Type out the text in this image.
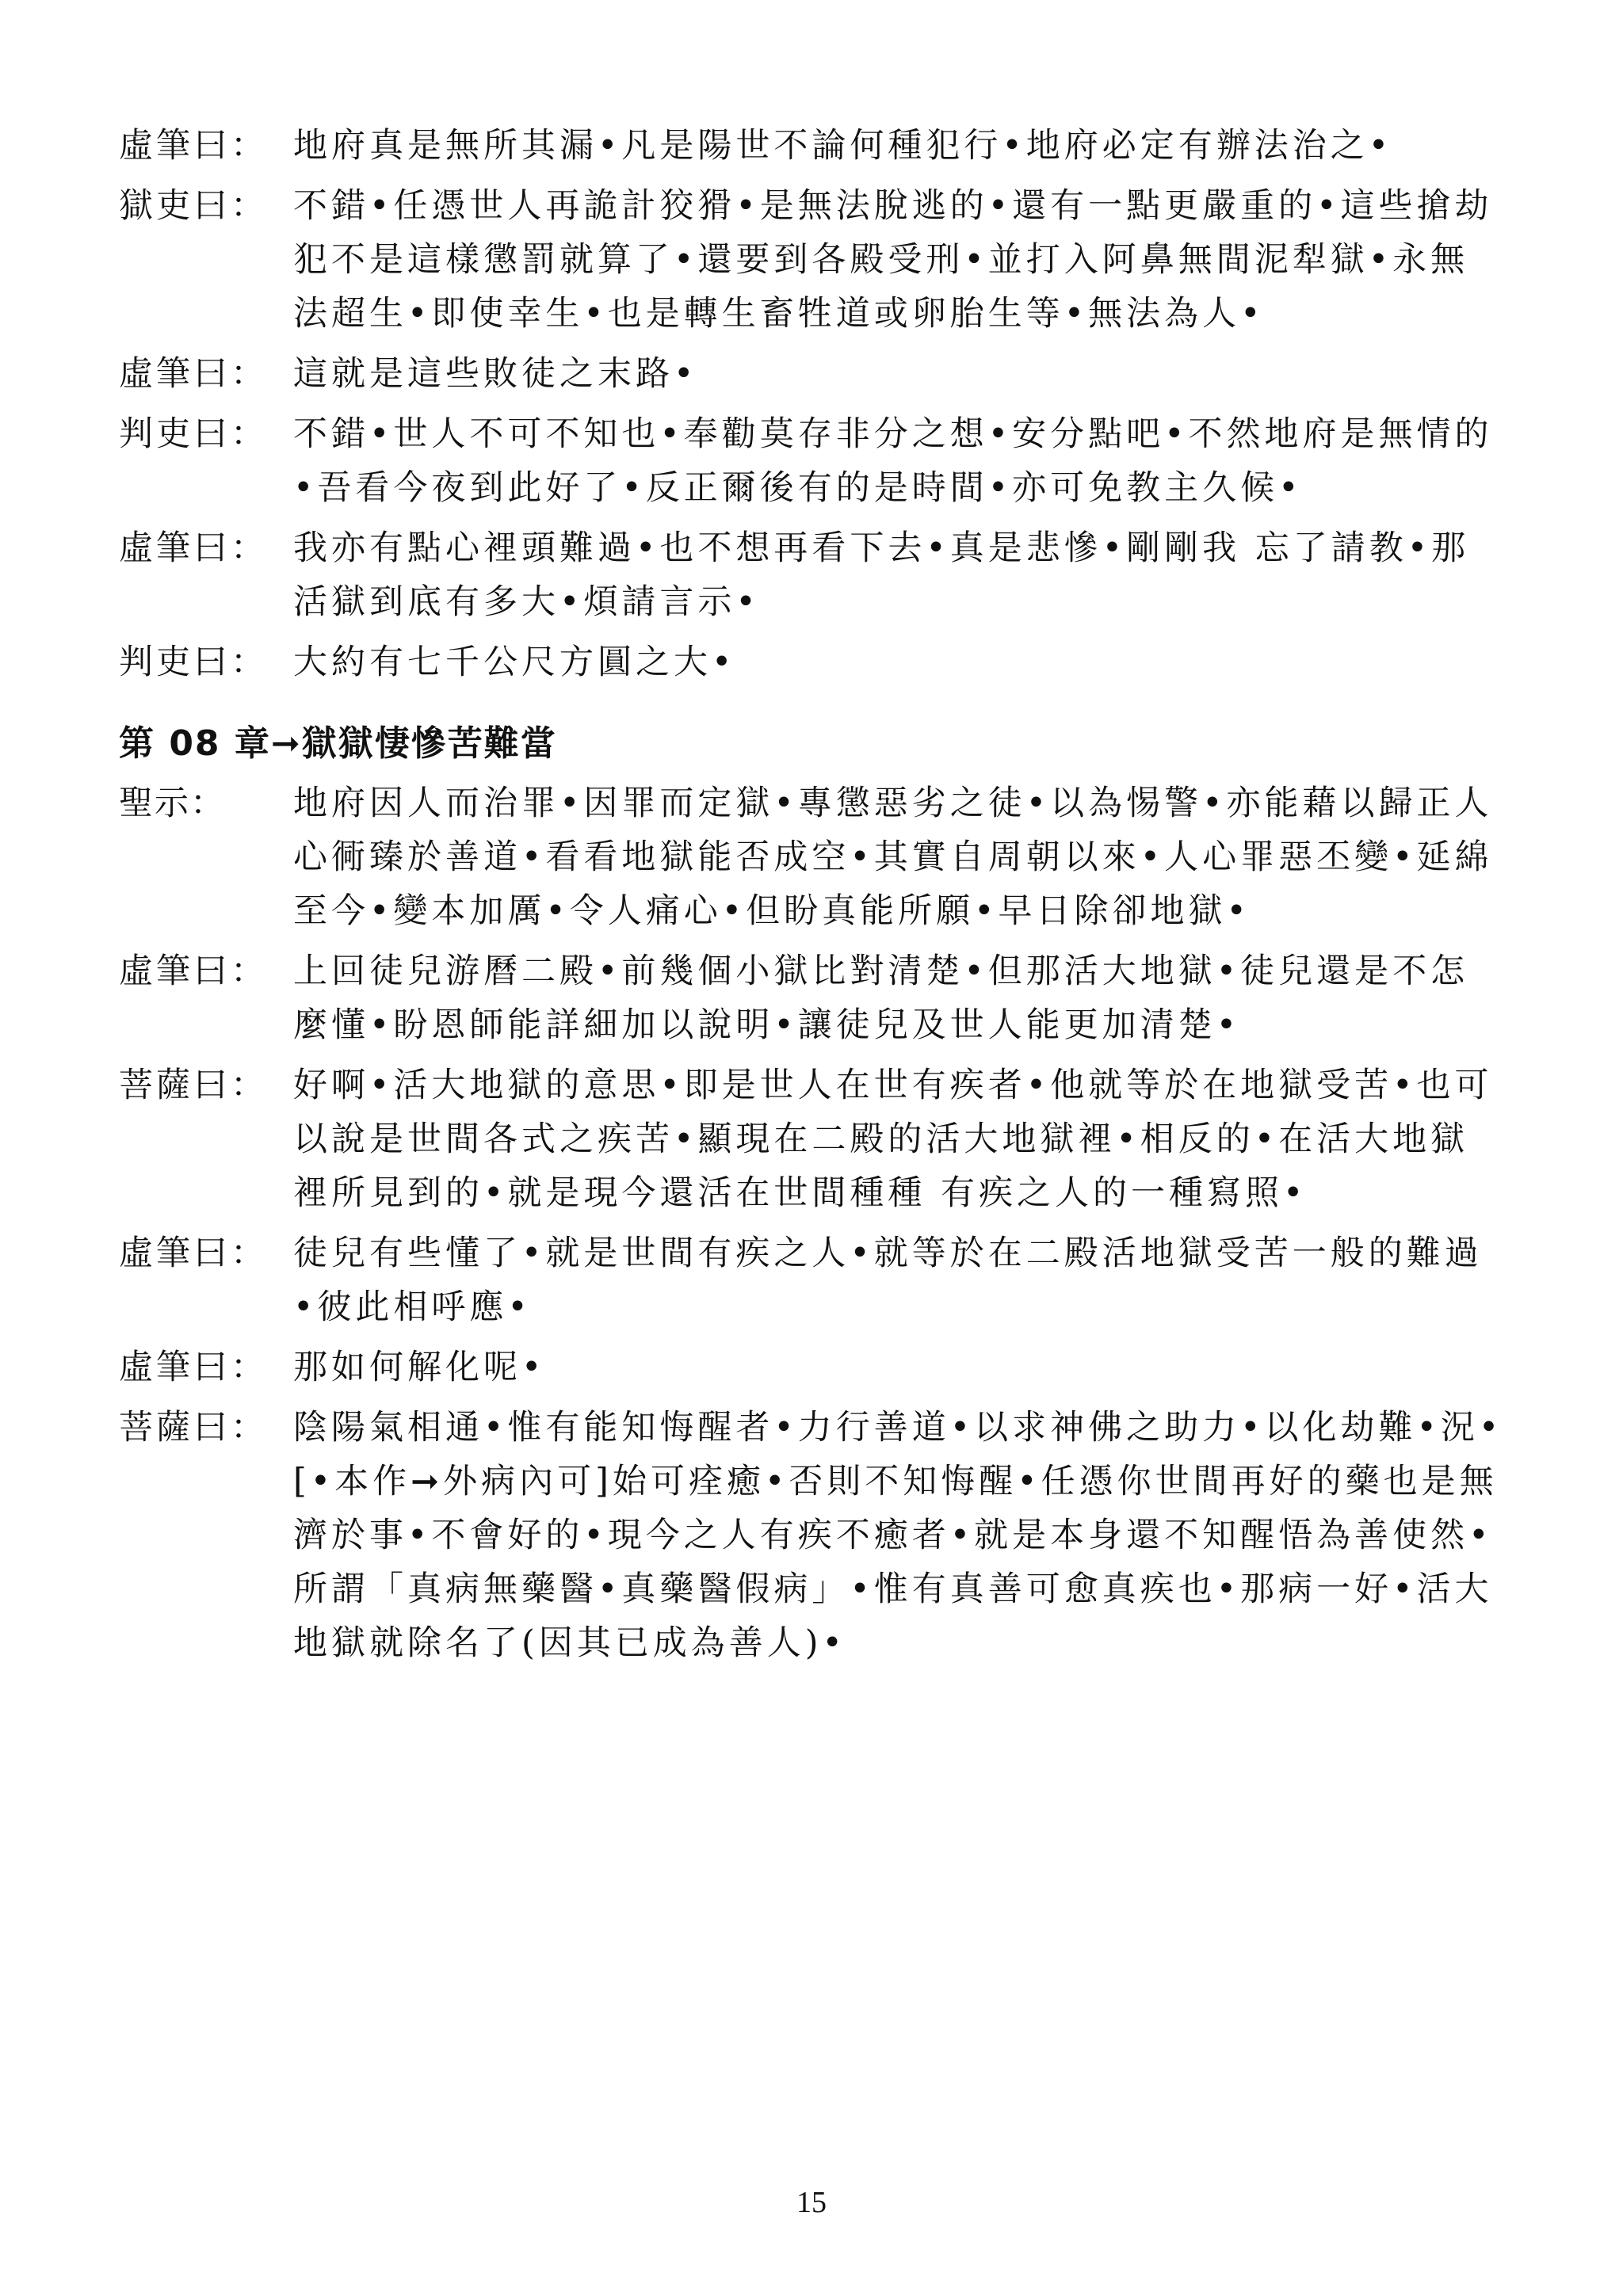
虛筆曰： 地府真是無所其漏•凡是陽世不論何種犯行•地府必定有辦法治之•

獄吏曰： 不錯•任憑世人再詭計狡猾•是無法脫逃的•還有一點更嚴重的•這些搶劫犯不是這樣懲罰就算了•還要到各殿受刑•並打入阿鼻無間泥犁獄•永無法超生•即使幸生•也是轉生畜牲道或卵胎生等•無法為人•

虛筆曰： 這就是這些敗徒之末路•

判吏曰： 不錯•世人不可不知也•奉勸莫存非分之想•安分點吧•不然地府是無情的•吾看今夜到此好了•反正爾後有的是時間•亦可免教主久候•

虛筆曰： 我亦有點心裡頭難過•也不想再看下去•真是悲慘•剛剛我 忘了請教•那活獄到底有多大•煩請言示•

判吏曰： 大約有七千公尺方圓之大•

第 08 章➞獄獄悽慘苦難當
聖示：	地府因人而治罪•因罪而定獄•專懲惡劣之徒•以為惕警•亦能藉以歸正人心衕臻於善道•看看地獄能否成空•其實自周朝以來•人心罪惡丕變•延綿至今•變本加厲•令人痛心•但盼真能所願•早日除卻地獄•

虛筆曰： 上回徒兒游曆二殿•前幾個小獄比對清楚•但那活大地獄•徒兒還是不怎麼懂•盼恩師能詳細加以說明•讓徒兒及世人能更加清楚•

菩薩曰： 好啊•活大地獄的意思•即是世人在世有疾者•他就等於在地獄受苦•也可以說是世間各式之疾苦•顯現在二殿的活大地獄裡•相反的•在活大地獄裡所見到的•就是現今還活在世間種種 有疾之人的一種寫照•

虛筆曰： 徒兒有些懂了•就是世間有疾之人•就等於在二殿活地獄受苦一般的難過•彼此相呼應•

虛筆曰： 那如何解化呢•

菩薩曰： 陰陽氣相通•惟有能知悔醒者•力行善道•以求神佛之助力•以化劫難•況•[•本作➞外病內可]始可痊癒•否則不知悔醒•任憑你世間再好的藥也是無濟於事•不會好的•現今之人有疾不癒者•就是本身還不知醒悟為善使然•所謂「真病無藥醫•真藥醫假病」•惟有真善可愈真疾也•那病一好•活大地獄就除名了(因其已成為善人)•

15
